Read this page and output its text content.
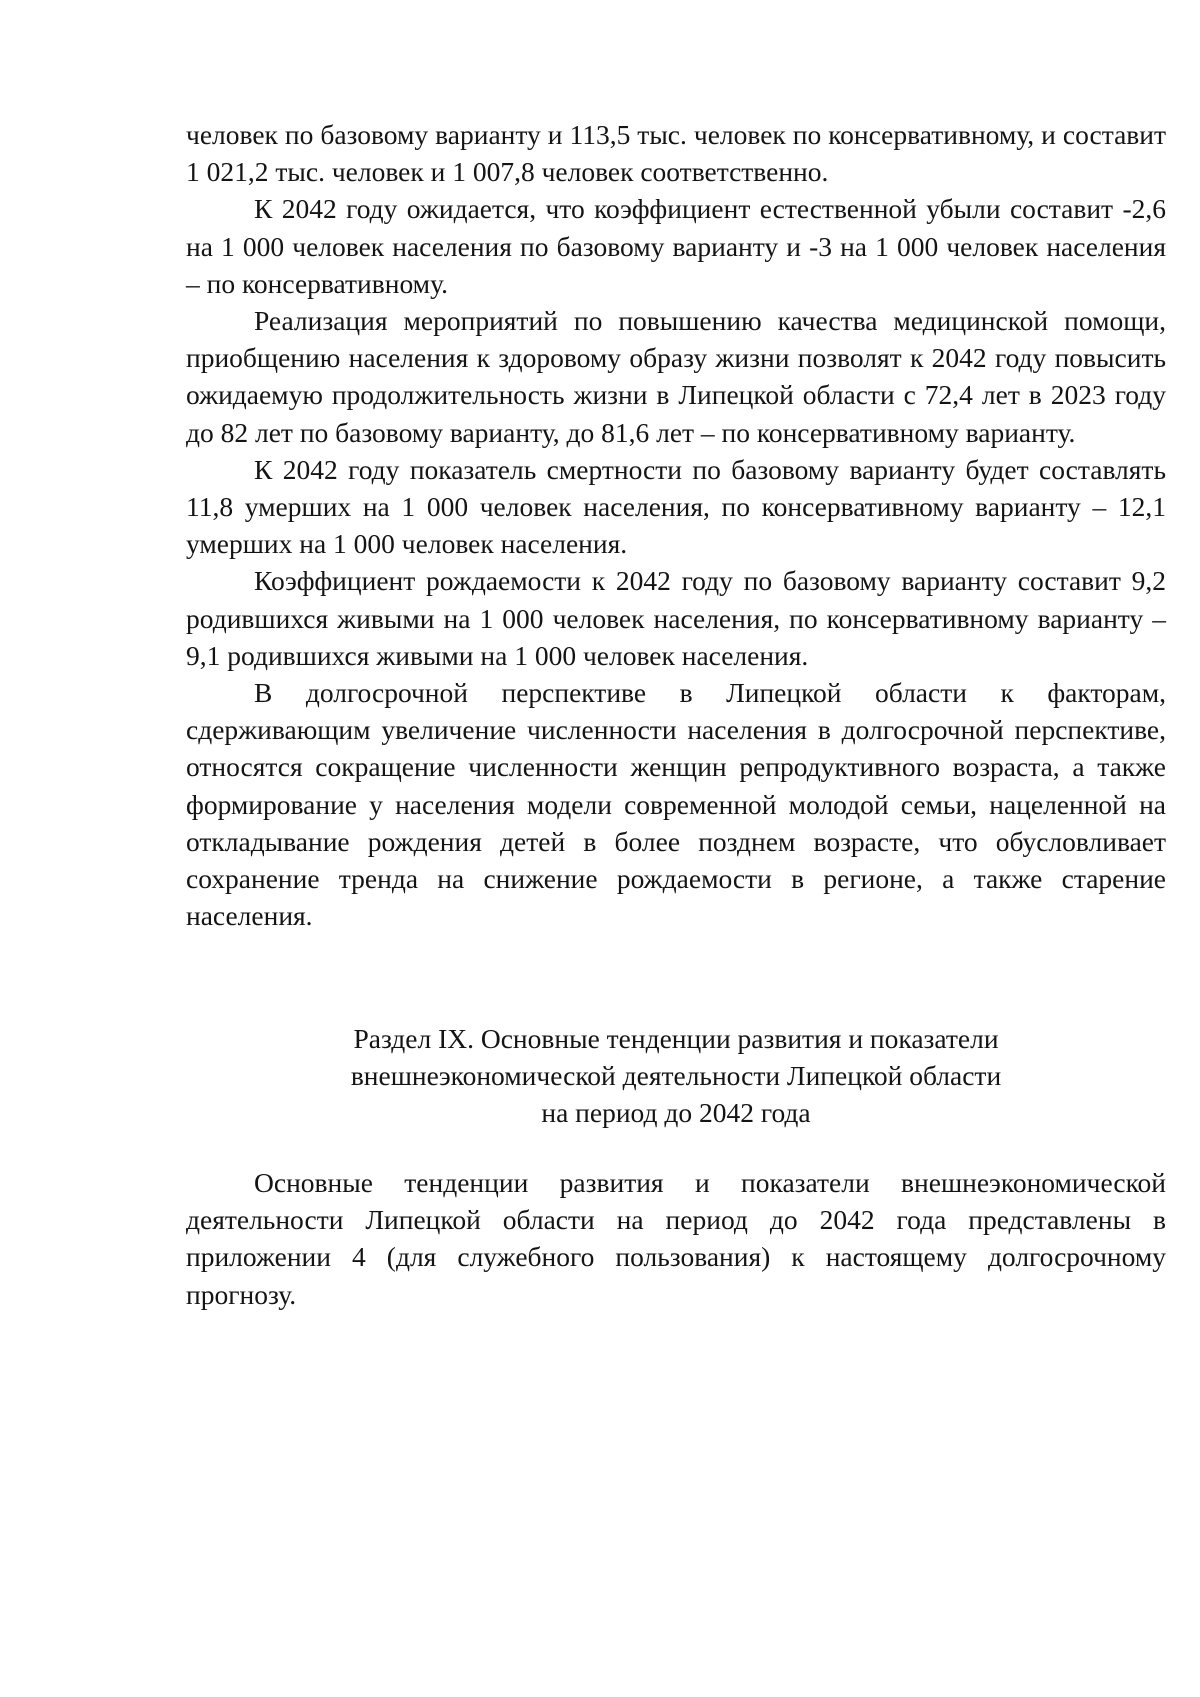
человек по базовому варианту и 113,5 тыс. человек по консервативному, и составит 1 021,2 тыс. человек и 1 007,8 человек соответственно.

К 2042 году ожидается, что коэффициент естественной убыли составит -2,6 на 1 000 человек населения по базовому варианту и -3 на 1 000 человек населения – по консервативному.

Реализация мероприятий по повышению качества медицинской помощи, приобщению населения к здоровому образу жизни позволят к 2042 году повысить ожидаемую продолжительность жизни в Липецкой области с 72,4 лет в 2023 году до 82 лет по базовому варианту, до 81,6 лет – по консервативному варианту.

К 2042 году показатель смертности по базовому варианту будет составлять 11,8 умерших на 1 000 человек населения, по консервативному варианту – 12,1 умерших на 1 000 человек населения.

Коэффициент рождаемости к 2042 году по базовому варианту составит 9,2 родившихся живыми на 1 000 человек населения, по консервативному варианту – 9,1 родившихся живыми на 1 000 человек населения.

В долгосрочной перспективе в Липецкой области к факторам, сдерживающим увеличение численности населения в долгосрочной перспективе, относятся сокращение численности женщин репродуктивного возраста, а также формирование у населения модели современной молодой семьи, нацеленной на откладывание рождения детей в более позднем возрасте, что обусловливает сохранение тренда на снижение рождаемости в регионе, а также старение населения.

Раздел IX. Основные тенденции развития и показатели
внешнеэкономической деятельности Липецкой области
на период до 2042 года

Основные тенденции развития и показатели внешнеэкономической деятельности Липецкой области на период до 2042 года представлены в приложении 4 (для служебного пользования) к настоящему долгосрочному прогнозу.
